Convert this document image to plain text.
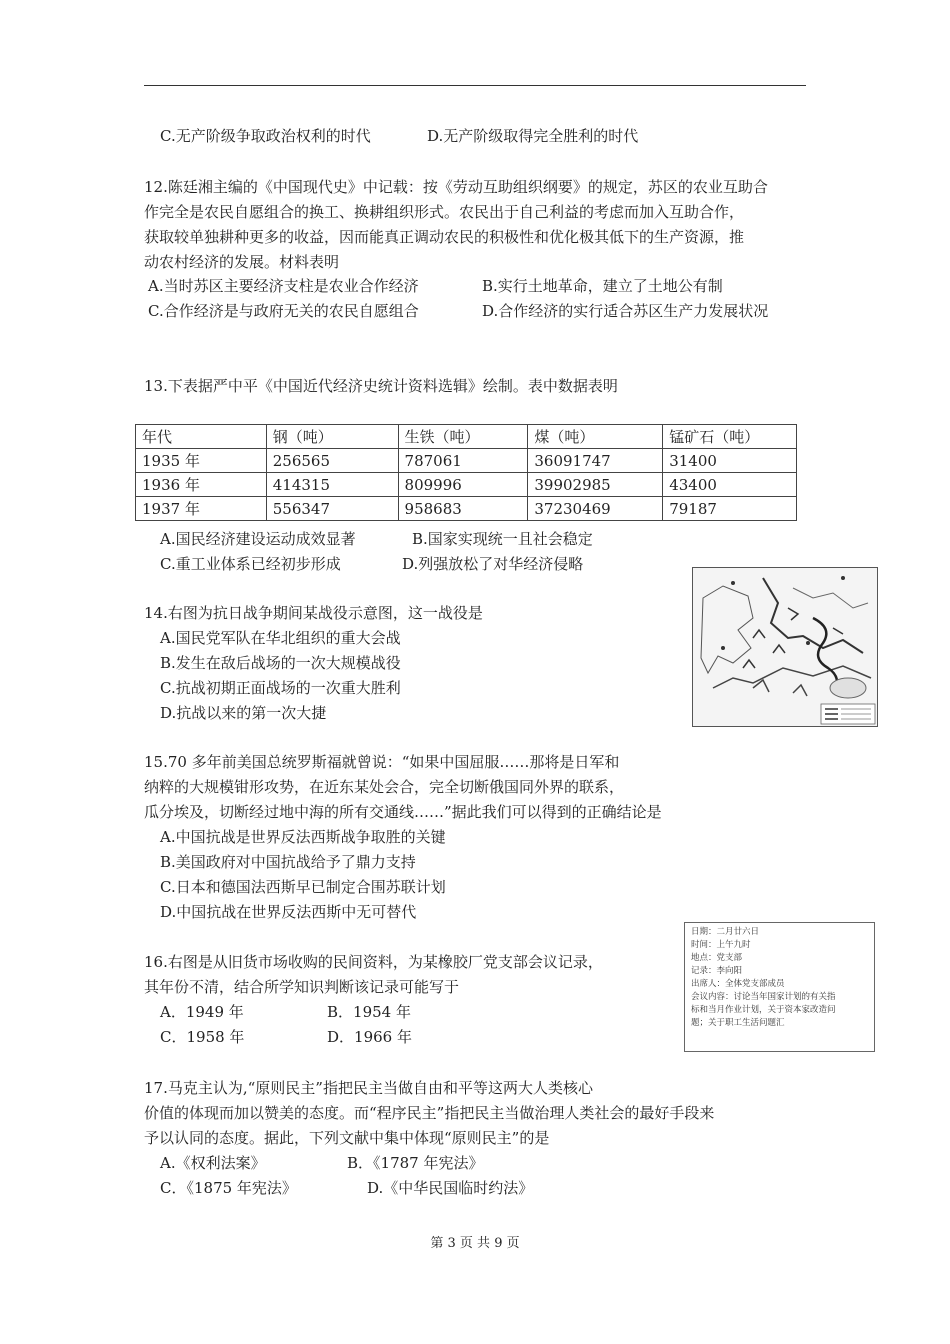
C.无产阶级争取政治权利的时代	D.无产阶级取得完全胜利的时代
12.陈廷湘主编的《中国现代史》中记载：按《劳动互助组织纲要》的规定，苏区的农业互助合
作完全是农民自愿组合的换工、换耕组织形式。农民出于自己利益的考虑而加入互助合作，
获取较单独耕种更多的收益，因而能真正调动农民的积极性和优化极其低下的生产资源，推
动农村经济的发展。材料表明
A.当时苏区主要经济支柱是农业合作经济	B.实行土地革命，建立了土地公有制
C.合作经济是与政府无关的农民自愿组合	D.合作经济的实行适合苏区生产力发展状况
13.下表据严中平《中国近代经济史统计资料选辑》绘制。表中数据表明
年代	钢（吨）	生铁（吨）	煤（吨）	锰矿石（吨）
1935 年	256565	787061	36091747	31400
1936 年	414315	809996	39902985	43400
1937 年	556347	958683	37230469	79187
A.国民经济建设运动成效显著	B.国家实现统一且社会稳定
C.重工业体系已经初步形成	D.列强放松了对华经济侵略
14.右图为抗日战争期间某战役示意图，这一战役是
A.国民党军队在华北组织的重大会战
B.发生在敌后战场的一次大规模战役
C.抗战初期正面战场的一次重大胜利
D.抗战以来的第一次大捷
15.70 多年前美国总统罗斯福就曾说：“如果中国屈服……那将是日军和
纳粹的大规模钳形攻势，在近东某处会合，完全切断俄国同外界的联系，
瓜分埃及，切断经过地中海的所有交通线……”据此我们可以得到的正确结论是
A.中国抗战是世界反法西斯战争取胜的关键
B.美国政府对中国抗战给予了鼎力支持
C.日本和德国法西斯早已制定合围苏联计划
D.中国抗战在世界反法西斯中无可替代
16.右图是从旧货市场收购的民间资料，为某橡胶厂党支部会议记录，
其年份不清，结合所学知识判断该记录可能写于
A．1949 年	B．1954 年
C．1958 年	D．1966 年
日期：二月廿六日
时间：上午九时
地点：党支部
记录：李向阳
出席人：全体党支部成员
会议内容：讨论当年国家计划的有关指
标和当月作业计划，关于资本家改造问
题；关于职工生活问题汇
17.马克主认为,“原则民主”指把民主当做自由和平等这两大人类核心
价值的体现而加以赞美的态度。而“程序民主”指把民主当做治理人类社会的最好手段来
予以认同的态度。据此，下列文献中集中体现“原则民主”的是
A.《权利法案》	B．《1787 年宪法》
C．《1875 年宪法》	D.《中华民国临时约法》
第 3 页 共 9 页
